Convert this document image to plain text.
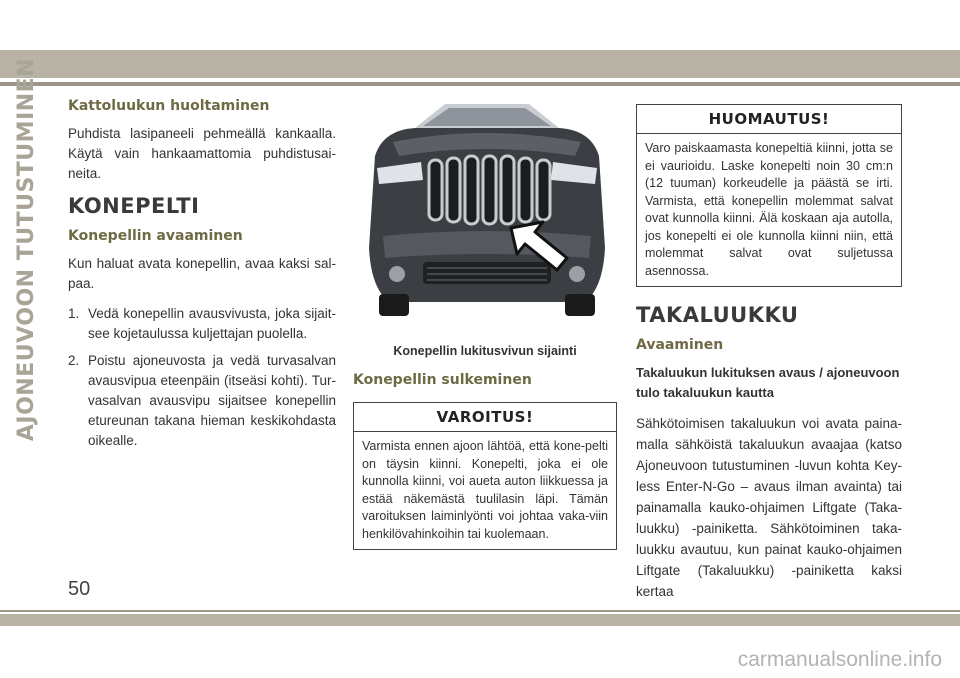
AJONEUVOON TUTUSTUMINEN Kattoluukun huoltaminen

Puhdista lasipaneeli pehmeällä kankaalla. Käytä vain hankaamattomia puhdistusai-neita.

KONEPELTI
Konepellin avaaminen

Kun haluat avata konepellin, avaa kaksi sal-paa.

1. Vedä konepellin avausvivusta, joka sijait-see kojetaulussa kuljettajan puolella.
2. Poistu ajoneuvosta ja vedä turvasalvan avausvipua eteenpäin (itseäsi kohti). Tur-vasalvan avausvipu sijaitsee konepellin etureunan takana hieman keskikohdasta oikealle.
Konepellin lukitusvivun sijainti
Konepellin sulkeminen
VAROITUS!
Varmista ennen ajoon lähtöä, että kone-pelti on täysin kiinni. Konepelti, joka ei ole kunnolla kiinni, voi aueta auton liikkuessa ja estää näkemästä tuulilasin läpi. Tämän varoituksen laiminlyönti voi johtaa vaka-viin henkilövahinkoihin tai kuolemaan.
HUOMAUTUS!
Varo paiskaamasta konepeltiä kiinni, jotta se ei vaurioidu. Laske konepelti noin 30 cm:n (12 tuuman) korkeudelle ja päästä se irti. Varmista, että konepellin molemmat salvat ovat kunnolla kiinni. Älä koskaan aja autolla, jos konepelti ei ole kunnolla kiinni niin, että molemmat salvat ovat suljetussa asennossa.
TAKALUUKKU
Avaaminen

Takaluukun lukituksen avaus / ajoneuvoon tulo takaluukun kautta

Sähkötoimisen takaluukun voi avata paina-malla sähköistä takaluukun avaajaa (katso Ajoneuvoon tutustuminen -luvun kohta Key-less Enter-N-Go – avaus ilman avainta) tai painamalla kauko-ohjaimen Liftgate (Taka-luukku) -painiketta. Sähkötoiminen taka-luukku avautuu, kun painat kauko-ohjaimen Liftgate (Takaluukku) -painiketta kaksi kertaa

50
carmanualsonline.info
